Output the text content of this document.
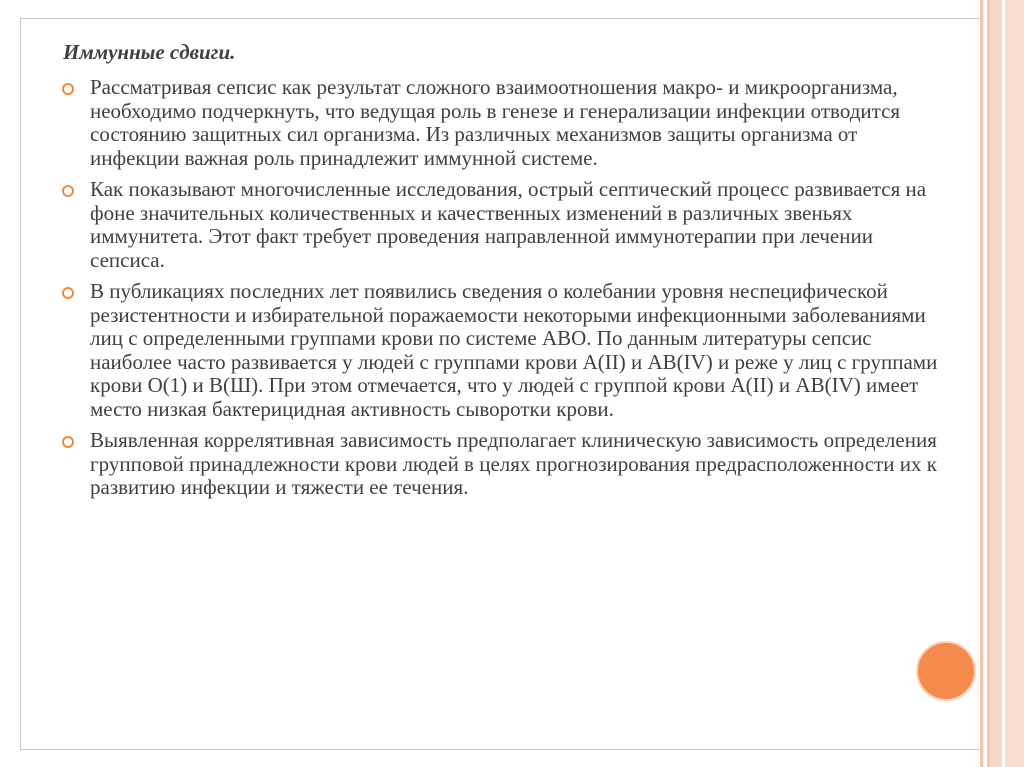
Иммунные сдвиги.
Рассматривая сепсис как результат сложного взаимоотношения макро- и микроорганизма, необходимо подчеркнуть, что ведущая роль в генезе и генерализации инфекции отводится состоянию защитных сил организма. Из различных механизмов защиты организма от инфекции важная роль принадлежит иммунной системе.
Как показывают многочисленные исследования, острый септический процесс развивается на фоне значительных количественных и качественных изменений в различных звеньях иммунитета. Этот факт требует проведения направленной иммунотерапии при лечении сепсиса.
В публикациях последних лет появились сведения о колебании уровня неспецифической резистентности и избирательной поражаемости некоторыми инфекционными заболеваниями лиц с определенными группами крови по системе АВО. По данным литературы сепсис наиболее часто развивается у людей с группами крови А(II) и АВ(IV) и реже у лиц с группами крови О(1) и В(Ш). При этом отмечается, что у людей с группой крови А(II) и АВ(IV) имеет место низкая бактерицидная активность сыворотки крови.
Выявленная коррелятивная зависимость предполагает клиническую зависимость определения групповой принадлежности крови людей в целях прогнозирования предрасположенности их к развитию инфекции и тяжести ее течения.
